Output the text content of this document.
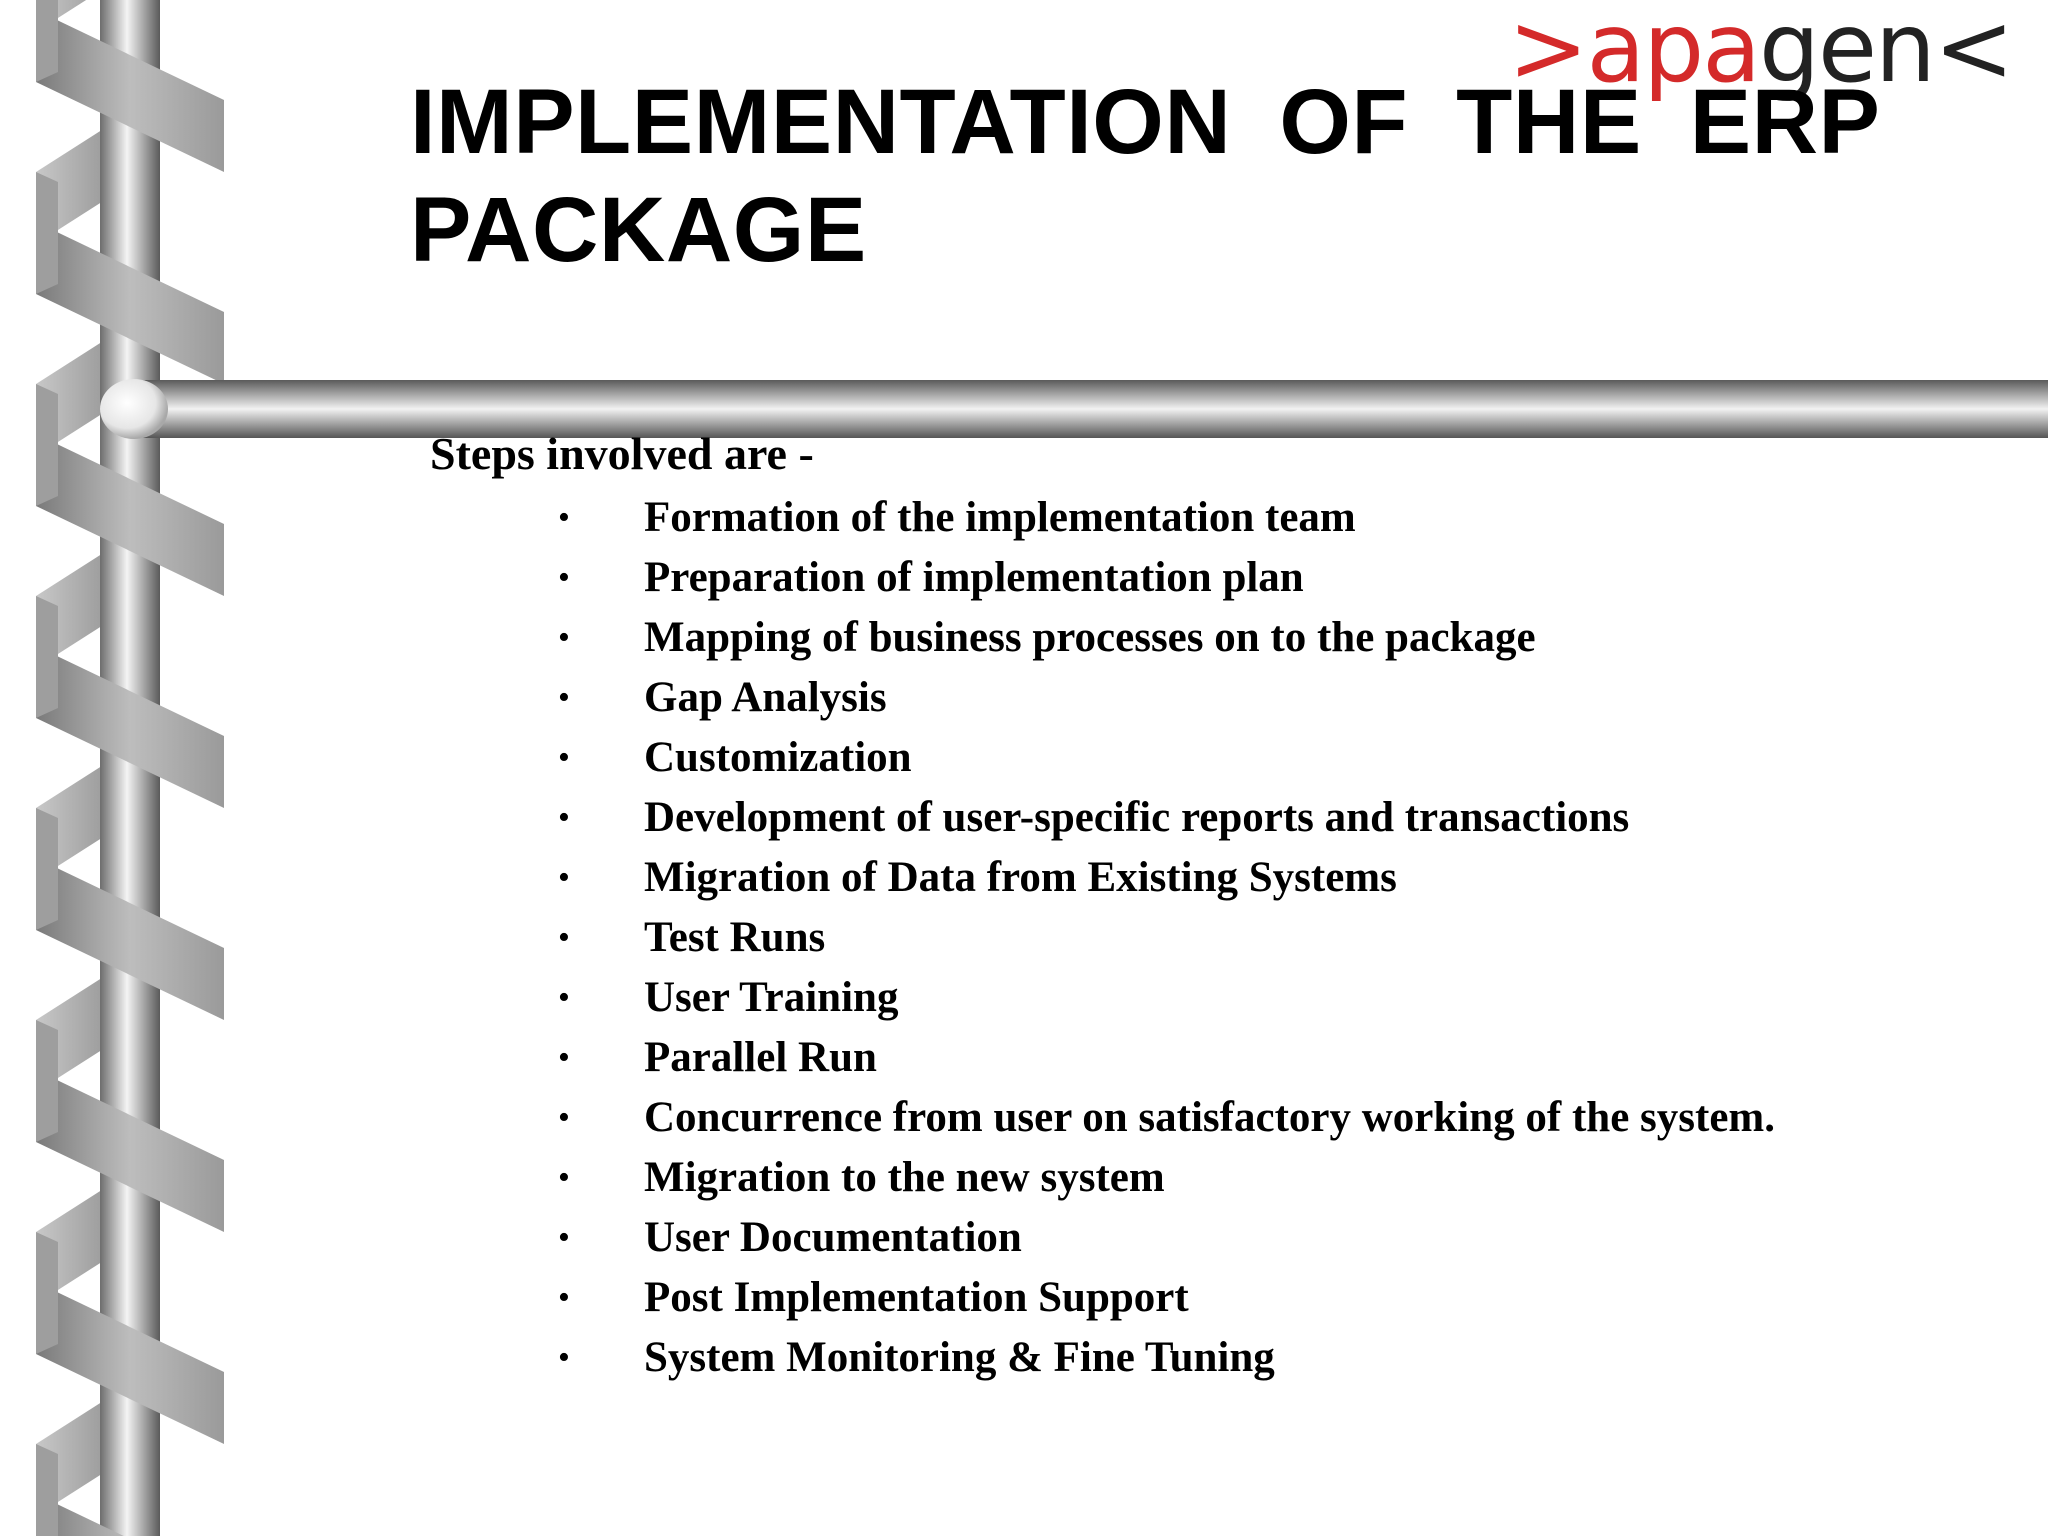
>apagen<
IMPLEMENTATION OF THE ERP PACKAGE

Steps involved are -

• Formation of the implementation team
• Preparation of implementation plan
• Mapping of business processes on to the package
• Gap Analysis
• Customization
• Development of user-specific reports and transactions
• Migration of Data from Existing Systems
• Test Runs
• User Training
• Parallel Run
• Concurrence from user on satisfactory working of the system.
• Migration to the new system
• User Documentation
• Post Implementation Support
• System Monitoring & Fine Tuning
